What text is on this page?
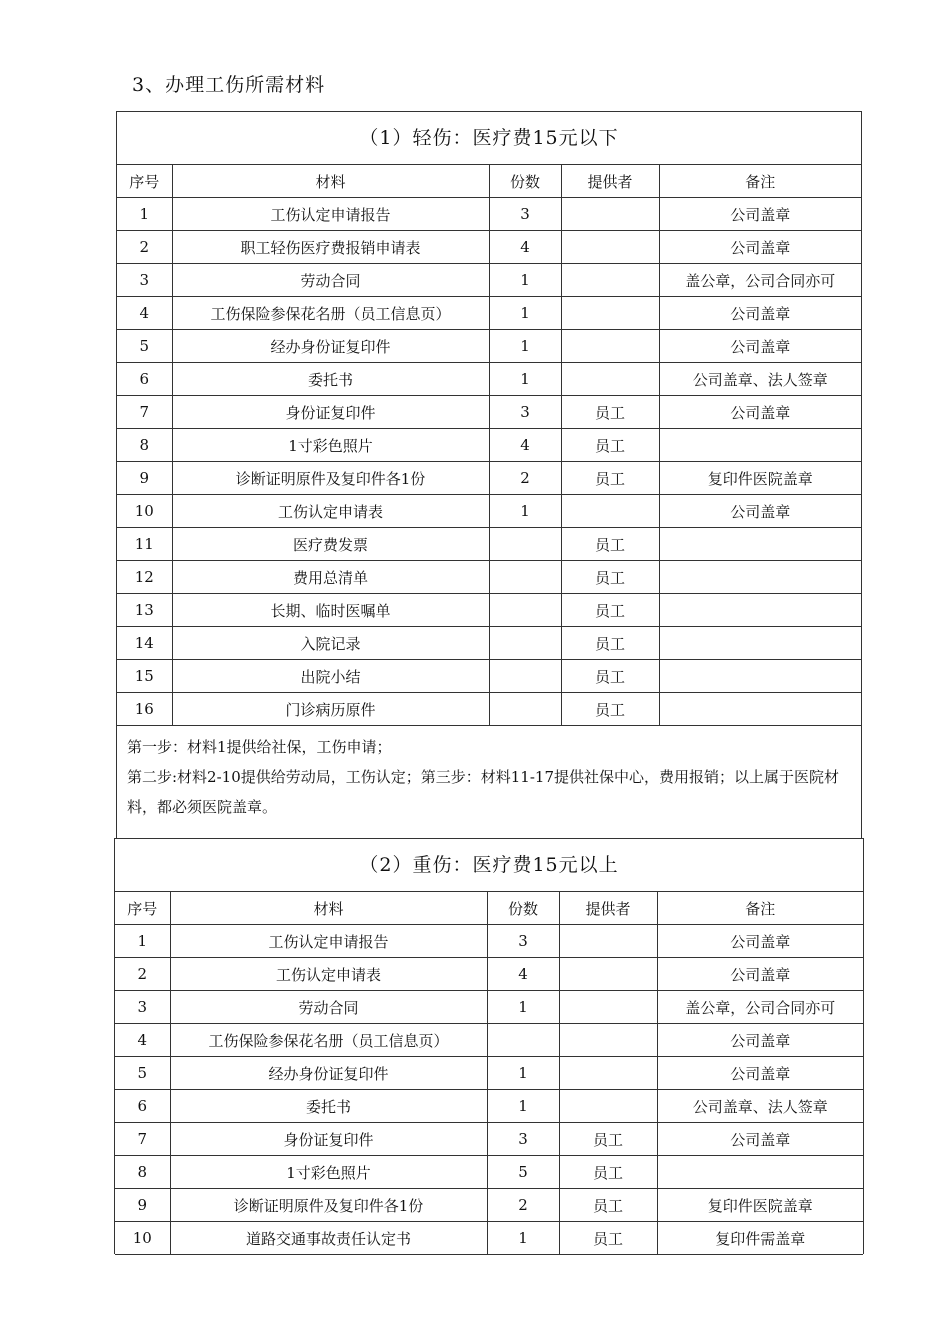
3、办理工伤所需材料
（1）轻伤：医疗费15元以下
序号	材料	份数	提供者	备注
1	工伤认定申请报告	3		公司盖章
2	职工轻伤医疗费报销申请表	4		公司盖章
3	劳动合同	1		盖公章，公司合同亦可
4	工伤保险参保花名册（员工信息页）	1		公司盖章
5	经办身份证复印件	1		公司盖章
6	委托书	1		公司盖章、法人签章
7	身份证复印件	3	员工	公司盖章
8	1寸彩色照片	4	员工	
9	诊断证明原件及复印件各1份	2	员工	复印件医院盖章
10	工伤认定申请表	1		公司盖章
11	医疗费发票		员工	
12	费用总清单		员工	
13	长期、临时医嘱单		员工	
14	入院记录		员工	
15	出院小结		员工	
16	门诊病历原件		员工	

第一步：材料1提供给社保，工伤申请；

第二步:材料2-10提供给劳动局，工伤认定；第三步：材料11-17提供社保中心，费用报销；以上属于医院材料，都必须医院盖章。

（2）重伤：医疗费15元以上
序号	材料	份数	提供者	备注
1	工伤认定申请报告	3		公司盖章
2	工伤认定申请表	4		公司盖章
3	劳动合同	1		盖公章，公司合同亦可
4	工伤保险参保花名册（员工信息页）			公司盖章
5	经办身份证复印件	1		公司盖章
6	委托书	1		公司盖章、法人签章
7	身份证复印件	3	员工	公司盖章
8	1寸彩色照片	5	员工	
9	诊断证明原件及复印件各1份	2	员工	复印件医院盖章
10	道路交通事故责任认定书	1	员工	复印件需盖章
